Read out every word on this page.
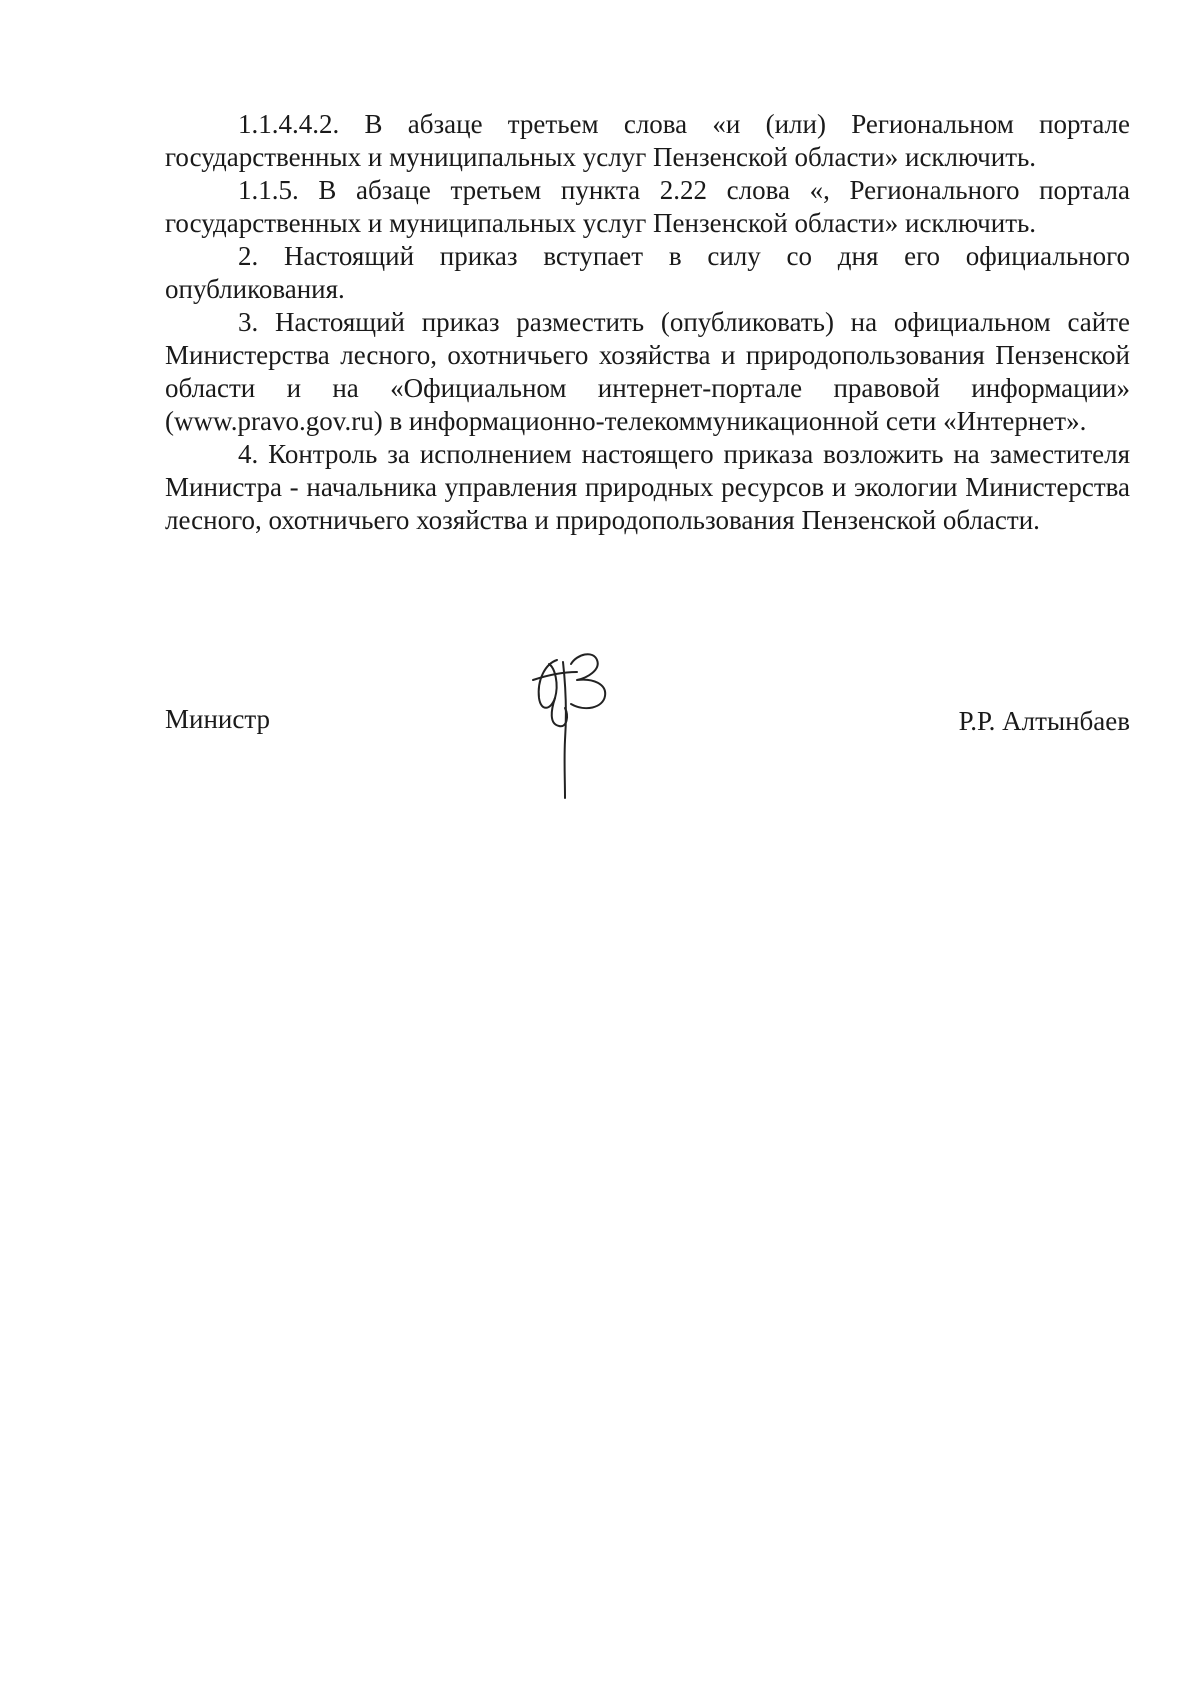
1.1.4.4.2. В абзаце третьем слова «и (или) Региональном портале государственных и муниципальных услуг Пензенской области» исключить.

1.1.5. В абзаце третьем пункта 2.22 слова «, Регионального портала государственных и муниципальных услуг Пензенской области» исключить.

2. Настоящий приказ вступает в силу со дня его официального опубликования.

3. Настоящий приказ разместить (опубликовать) на официальном сайте Министерства лесного, охотничьего хозяйства и природопользования Пензенской области и на «Официальном интернет-портале правовой информации» (www.pravo.gov.ru) в информационно-телекоммуникационной сети «Интернет».

4. Контроль за исполнением настоящего приказа возложить на заместителя Министра - начальника управления природных ресурсов и экологии Министерства лесного, охотничьего хозяйства и природопользования Пензенской области.

Министр	Р.Р. Алтынбаев
